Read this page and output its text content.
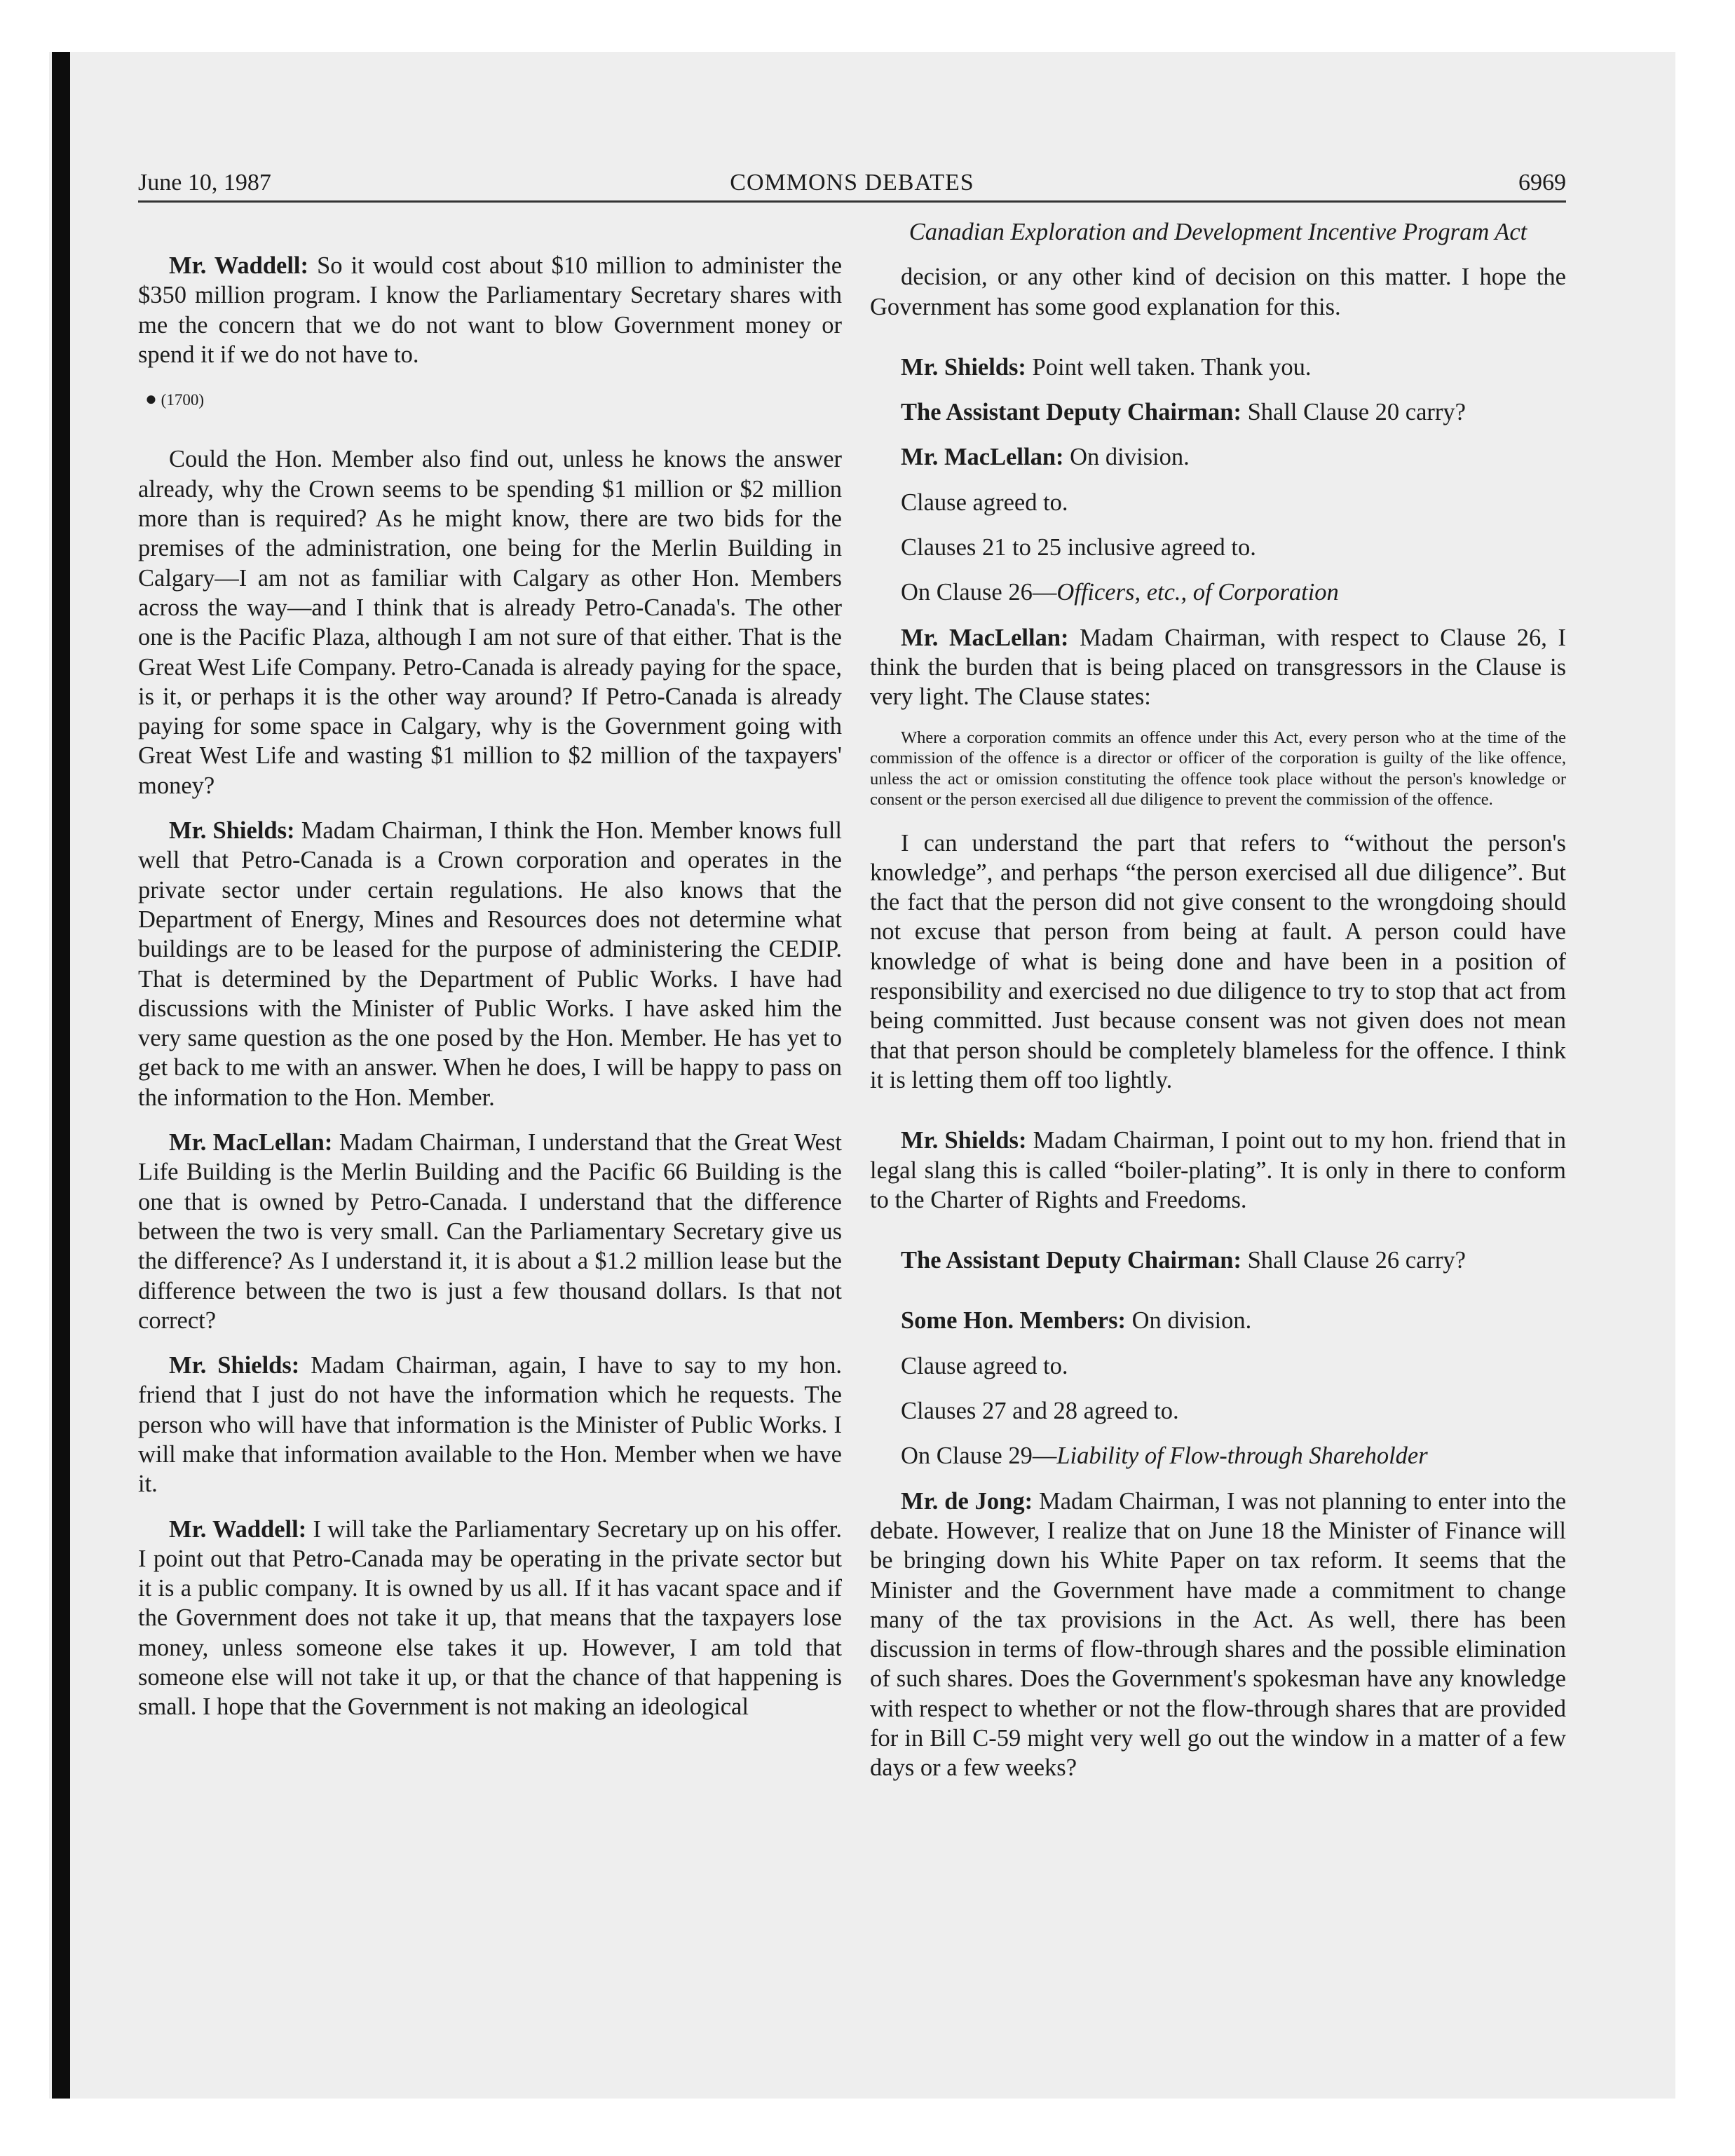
June 10, 1987	COMMONS DEBATES	6969

Mr. Waddell: So it would cost about $10 million to administer the $350 million program. I know the Parliamentary Secretary shares with me the concern that we do not want to blow Government money or spend it if we do not have to.

● (1700)

Could the Hon. Member also find out, unless he knows the answer already, why the Crown seems to be spending $1 million or $2 million more than is required? As he might know, there are two bids for the premises of the administration, one being for the Merlin Building in Calgary—I am not as familiar with Calgary as other Hon. Members across the way—and I think that is already Petro-Canada's. The other one is the Pacific Plaza, although I am not sure of that either. That is the Great West Life Company. Petro-Canada is already paying for the space, is it, or perhaps it is the other way around? If Petro-Canada is already paying for some space in Calgary, why is the Government going with Great West Life and wasting $1 million to $2 million of the taxpayers' money?

Mr. Shields: Madam Chairman, I think the Hon. Member knows full well that Petro-Canada is a Crown corporation and operates in the private sector under certain regulations. He also knows that the Department of Energy, Mines and Resources does not determine what buildings are to be leased for the purpose of administering the CEDIP. That is determined by the Department of Public Works. I have had discussions with the Minister of Public Works. I have asked him the very same question as the one posed by the Hon. Member. He has yet to get back to me with an answer. When he does, I will be happy to pass on the information to the Hon. Member.

Mr. MacLellan: Madam Chairman, I understand that the Great West Life Building is the Merlin Building and the Pacific 66 Building is the one that is owned by Petro-Canada. I understand that the difference between the two is very small. Can the Parliamentary Secretary give us the difference? As I understand it, it is about a $1.2 million lease but the difference between the two is just a few thousand dollars. Is that not correct?

Mr. Shields: Madam Chairman, again, I have to say to my hon. friend that I just do not have the information which he requests. The person who will have that information is the Minister of Public Works. I will make that information available to the Hon. Member when we have it.

Mr. Waddell: I will take the Parliamentary Secretary up on his offer. I point out that Petro-Canada may be operating in the private sector but it is a public company. It is owned by us all. If it has vacant space and if the Government does not take it up, that means that the taxpayers lose money, unless someone else takes it up. However, I am told that someone else will not take it up, or that the chance of that happening is small. I hope that the Government is not making an ideological

Canadian Exploration and Development Incentive Program Act

decision, or any other kind of decision on this matter. I hope the Government has some good explanation for this.

Mr. Shields: Point well taken. Thank you.

The Assistant Deputy Chairman: Shall Clause 20 carry?

Mr. MacLellan: On division.

Clause agreed to.

Clauses 21 to 25 inclusive agreed to.

On Clause 26—Officers, etc., of Corporation

Mr. MacLellan: Madam Chairman, with respect to Clause 26, I think the burden that is being placed on transgressors in the Clause is very light. The Clause states:

Where a corporation commits an offence under this Act, every person who at the time of the commission of the offence is a director or officer of the corporation is guilty of the like offence, unless the act or omission constituting the offence took place without the person's knowledge or consent or the person exercised all due diligence to prevent the commission of the offence.

I can understand the part that refers to “without the person's knowledge”, and perhaps “the person exercised all due diligence”. But the fact that the person did not give consent to the wrongdoing should not excuse that person from being at fault. A person could have knowledge of what is being done and have been in a position of responsibility and exercised no due diligence to try to stop that act from being committed. Just because consent was not given does not mean that that person should be completely blameless for the offence. I think it is letting them off too lightly.

Mr. Shields: Madam Chairman, I point out to my hon. friend that in legal slang this is called “boiler-plating”. It is only in there to conform to the Charter of Rights and Freedoms.

The Assistant Deputy Chairman: Shall Clause 26 carry?

Some Hon. Members: On division.

Clause agreed to.

Clauses 27 and 28 agreed to.

On Clause 29—Liability of Flow-through Shareholder

Mr. de Jong: Madam Chairman, I was not planning to enter into the debate. However, I realize that on June 18 the Minister of Finance will be bringing down his White Paper on tax reform. It seems that the Minister and the Government have made a commitment to change many of the tax provisions in the Act. As well, there has been discussion in terms of flow-through shares and the possible elimination of such shares. Does the Government's spokesman have any knowledge with respect to whether or not the flow-through shares that are provided for in Bill C-59 might very well go out the window in a matter of a few days or a few weeks?
